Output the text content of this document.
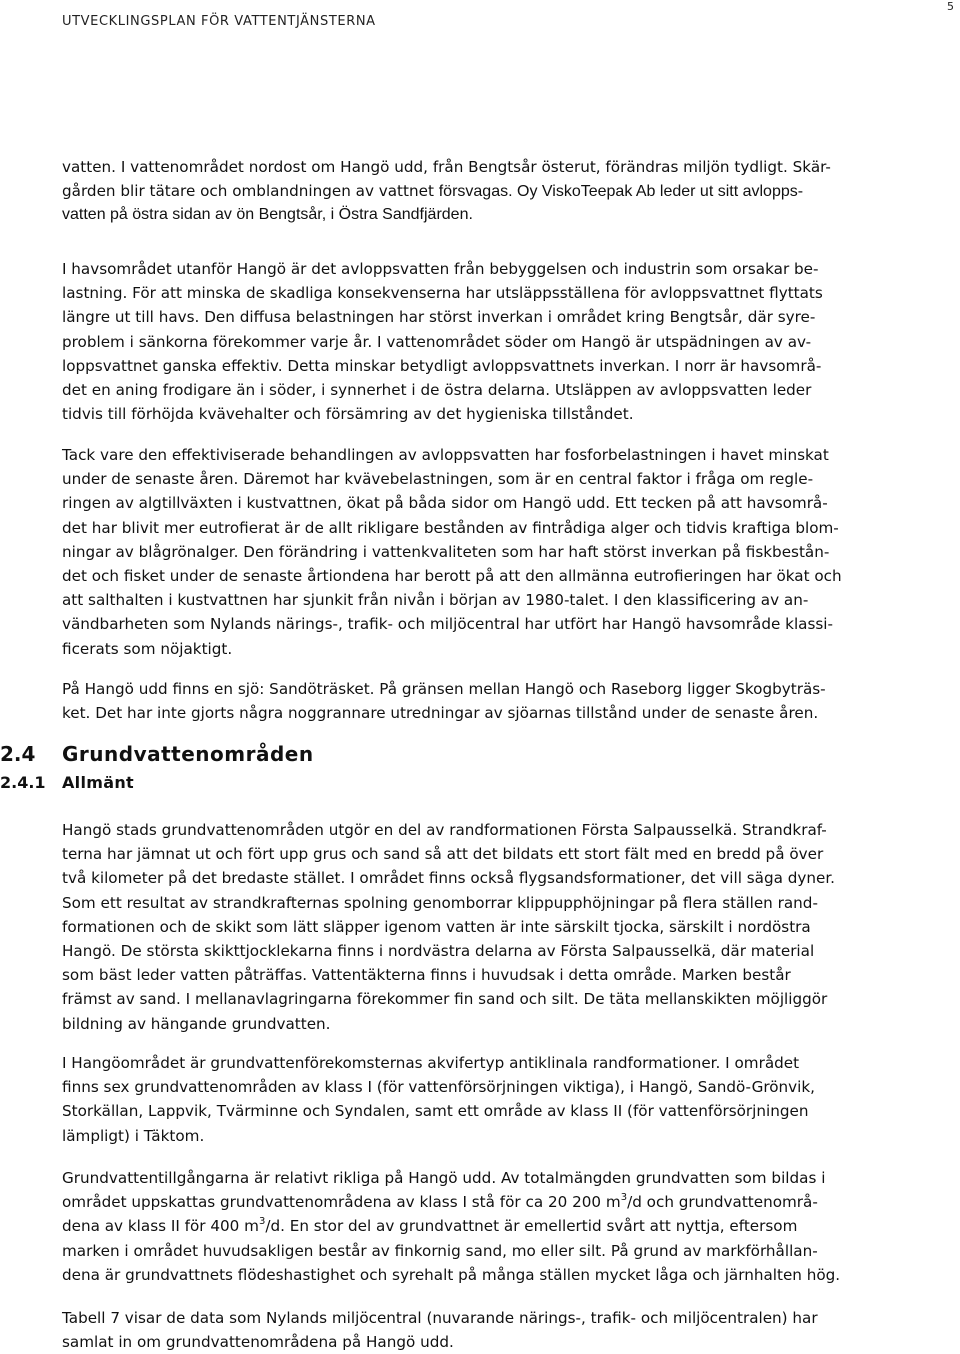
UTVECKLINGSPLAN FÖR VATTENTJÄNSTERNA
5
vatten. I vattenområdet nordost om Hangö udd, från Bengtsår österut, förändras miljön tydligt. Skär-
gården blir tätare och omblandningen av vattnet försvagas. Oy ViskoTeepak Ab leder ut sitt avlopps-
vatten på östra sidan av ön Bengtsår, i Östra Sandfjärden.
I havsområdet utanför Hangö är det avloppsvatten från bebyggelsen och industrin som orsakar be-
lastning. För att minska de skadliga konsekvenserna har utsläppsställena för avloppsvattnet flyttats
längre ut till havs. Den diffusa belastningen har störst inverkan i området kring Bengtsår, där syre-
problem i sänkorna förekommer varje år. I vattenområdet söder om Hangö är utspädningen av av-
loppsvattnet ganska effektiv. Detta minskar betydligt avloppsvattnets inverkan. I norr är havsområ-
det en aning frodigare än i söder, i synnerhet i de östra delarna. Utsläppen av avloppsvatten leder
tidvis till förhöjda kvävehalter och försämring av det hygieniska tillståndet.
Tack vare den effektiviserade behandlingen av avloppsvatten har fosforbelastningen i havet minskat
under de senaste åren. Däremot har kvävebelastningen, som är en central faktor i fråga om regle-
ringen av algtillväxten i kustvattnen, ökat på båda sidor om Hangö udd. Ett tecken på att havsområ-
det har blivit mer eutrofierat är de allt rikligare bestånden av fintrådiga alger och tidvis kraftiga blom-
ningar av blågrönalger. Den förändring i vattenkvaliteten som har haft störst inverkan på fiskbestån-
det och fisket under de senaste årtiondena har berott på att den allmänna eutrofieringen har ökat och
att salthalten i kustvattnen har sjunkit från nivån i början av 1980-talet. I den klassificering av an-
vändbarheten som Nylands närings-, trafik- och miljöcentral har utfört har Hangö havsområde klassi-
ficerats som nöjaktigt.
På Hangö udd finns en sjö: Sandöträsket. På gränsen mellan Hangö och Raseborg ligger Skogbyträs-
ket. Det har inte gjorts några noggrannare utredningar av sjöarnas tillstånd under de senaste åren.
2.4 Grundvattenområden
2.4.1 Allmänt
Hangö stads grundvattenområden utgör en del av randformationen Första Salpausselkä. Strandkraf-
terna har jämnat ut och fört upp grus och sand så att det bildats ett stort fält med en bredd på över
två kilometer på det bredaste stället. I området finns också flygsandsformationer, det vill säga dyner.
Som ett resultat av strandkrafternas spolning genomborrar klippupphöjningar på flera ställen rand-
formationen och de skikt som lätt släpper igenom vatten är inte särskilt tjocka, särskilt i nordöstra
Hangö. De största skikttjocklekarna finns i nordvästra delarna av Första Salpausselkä, där material
som bäst leder vatten påträffas. Vattentäkterna finns i huvudsak i detta område. Marken består
främst av sand. I mellanavlagringarna förekommer fin sand och silt. De täta mellanskikten möjliggör
bildning av hängande grundvatten.
I Hangöområdet är grundvattenförekomsternas akvifertyp antiklinala randformationer. I området
finns sex grundvattenområden av klass I (för vattenförsörjningen viktiga), i Hangö, Sandö-Grönvik,
Storkällan, Lappvik, Tvärminne och Syndalen, samt ett område av klass II (för vattenförsörjningen
lämpligt) i Täktom.
Grundvattentillgångarna är relativt rikliga på Hangö udd. Av totalmängden grundvatten som bildas i
området uppskattas grundvattenområdena av klass I stå för ca 20 200 $m^3/d$ och grundvattenområ-
dena av klass II för 400 $m^3/d$. En stor del av grundvattnet är emellertid svårt att nyttja, eftersom
marken i området huvudsakligen består av finkornig sand, mo eller silt. På grund av markförhållan-
dena är grundvattnets flödeshastighet och syrehalt på många ställen mycket låga och järnhalten hög.
Tabell 7 visar de data som Nylands miljöcentral (nuvarande närings-, trafik- och miljöcentralen) har
samlat in om grundvattenområdena på Hangö udd.
